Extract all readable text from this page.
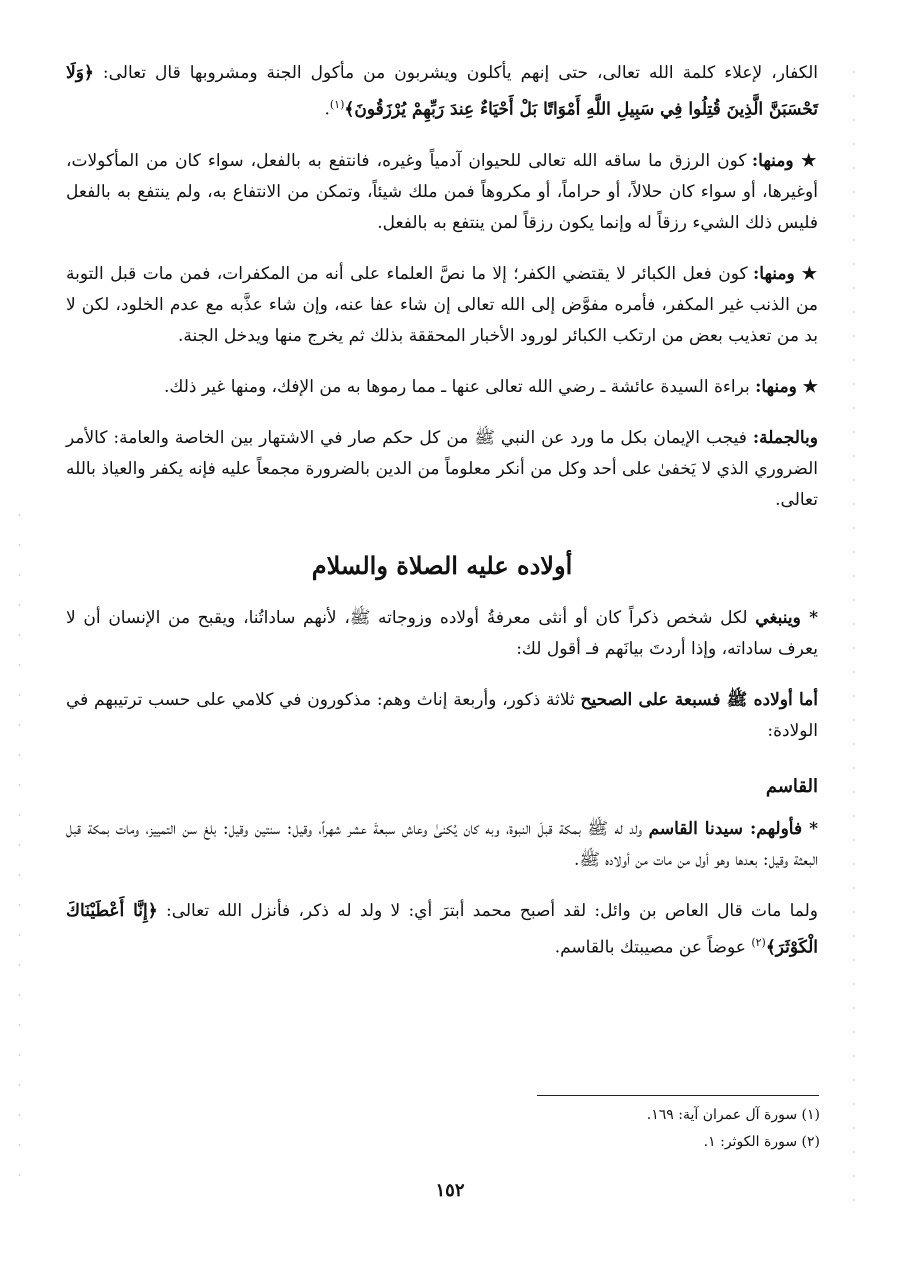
الكفار، لإعلاء كلمة الله تعالى، حتى إنهم يأكلون ويشربون من مأكول الجنة ومشروبها قال تعالى: ﴿وَلَا تَحْسَبَنَّ الَّذِينَ قُتِلُوا فِي سَبِيلِ اللَّهِ أَمْوَاتًا بَلْ أَحْيَاءٌ عِندَ رَبِّهِمْ يُرْزَقُونَ﴾$^{(١)}$.

★ ومنها: كون الرزق ما ساقه الله تعالى للحيوان آدمياً وغيره، فانتفع به بالفعل، سواء كان من المأكولات، أوغيرها، أو سواء كان حلالاً، أو حراماً، أو مكروهاً فمن ملك شيئاً، وتمكن من الانتفاع به، ولم ينتفع به بالفعل فليس ذلك الشيء رزقاً له وإنما يكون رزقاً لمن ينتفع به بالفعل.

★ ومنها: كون فعل الكبائر لا يقتضي الكفر؛ إلا ما نصَّ العلماء على أنه من المكفرات، فمن مات قبل التوبة من الذنب غير المكفر، فأمره مفوَّض إلى الله تعالى إن شاء عفا عنه، وإن شاء عذَّبه مع عدم الخلود، لكن لا بد من تعذيب بعض من ارتكب الكبائر لورود الأخبار المحققة بذلك ثم يخرج منها ويدخل الجنة.

★ ومنها: براءة السيدة عائشة ـ رضي الله تعالى عنها ـ مما رموها به من الإفك، ومنها غير ذلك.

وبالجملة: فيجب الإيمان بكل ما ورد عن النبي ﷺ من كل حكم صار في الاشتهار بين الخاصة والعامة: كالأمر الضروري الذي لا يَخفىٰ على أحد وكل من أنكر معلوماً من الدين بالضرورة مجمعاً عليه فإنه يكفر والعياذ بالله تعالى.

أولاده عليه الصلاة والسلام

* وينبغي لكل شخص ذكراً كان أو أنثى معرفةُ أولاده وزوجاته ﷺ، لأنهم ساداتُنا، ويقبح من الإنسان أن لا يعرف ساداته، وإذا أردتَ بيانَهم فـ أقول لك:

أما أولاده ﷺ فسبعة على الصحيح ثلاثة ذكور، وأربعة إناث وهم: مذكورون في كلامي على حسب ترتيبهم في الولادة:

القاسم

* فأولهم: سيدنا القاسم ولد له ﷺ بمكة قبلَ النبوة، وبه كان يُكنىٰ وعاش سبعةَ عشر شهراً، وقيل: سنتين وقيل: بلغ سن التمييز، ومات بمكة قبل البعثة وقيل: بعدها وهو أول من مات من أولاده ﷺ.

ولما مات قال العاص بن وائل: لقد أصبح محمد أبترَ أي: لا ولد له ذكر، فأنزل الله تعالى: ﴿إِنَّا أَعْطَيْنَاكَ الْكَوْثَرَ﴾$^{(٢)}$ عوضاً عن مصيبتك بالقاسم.

(١) سورة آل عمران آية: ١٦٩.

(٢) سورة الكوثر: ١.

١٥٢
